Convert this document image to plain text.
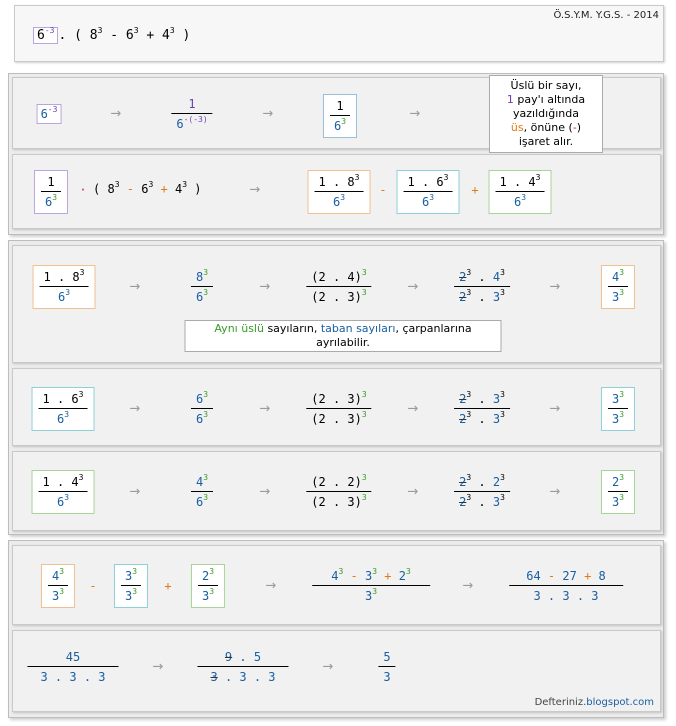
Ö.S.Y.M. Y.G.S. - 2014
$6^{-3}$ . ( $8^3 - 6^3 + 4^3$ )
$6^{-3}$	→
1
$6^{-(-3)}$	→
1
$6^3$	→
Üslü bir sayı,
1 pay'ı altında yazıldığında
üs, önüne (-) işaret alır.
1
$6^3$
· ( $8^3 - 6^3 + 4^3$ )	→
1 . $8^3$
$6^3$
-
1 . $6^3$
$6^3$
+
1 . $4^3$
$6^3$
1 . $8^3$
$6^3$	→
$8^3$
$6^3$	→
(2 . 4)$^3$
(2 . 3)$^3$	→
$2^3$ . $4^3$
$2^3$ . $3^3$	→
$4^3$
$3^3$
Aynı üslü sayıların, taban sayıları, çarpanlarına ayrılabilir.
1 . $6^3$
$6^3$	→
$6^3$
$6^3$	→
(2 . 3)$^3$
(2 . 3)$^3$	→
$2^3$ . $3^3$
$2^3$ . $3^3$	→
$3^3$
$3^3$
1 . $4^3$
$6^3$	→
$4^3$
$6^3$	→
(2 . 2)$^3$
(2 . 3)$^3$	→
$2^3$ . $2^3$
$2^3$ . $3^3$	→
$2^3$
$3^3$
$4^3$
$3^3$	-
$3^3$
$3^3$	+
$2^3$
$3^3$	→
$4^3 - 3^3 + 2^3$
$3^3$	→
64 - 27 + 8
3 . 3 . 3
45
3 . 3 . 3
→
9 . 5
3 . 3 . 3
→
5
3
Defteriniz.blogspot.com
